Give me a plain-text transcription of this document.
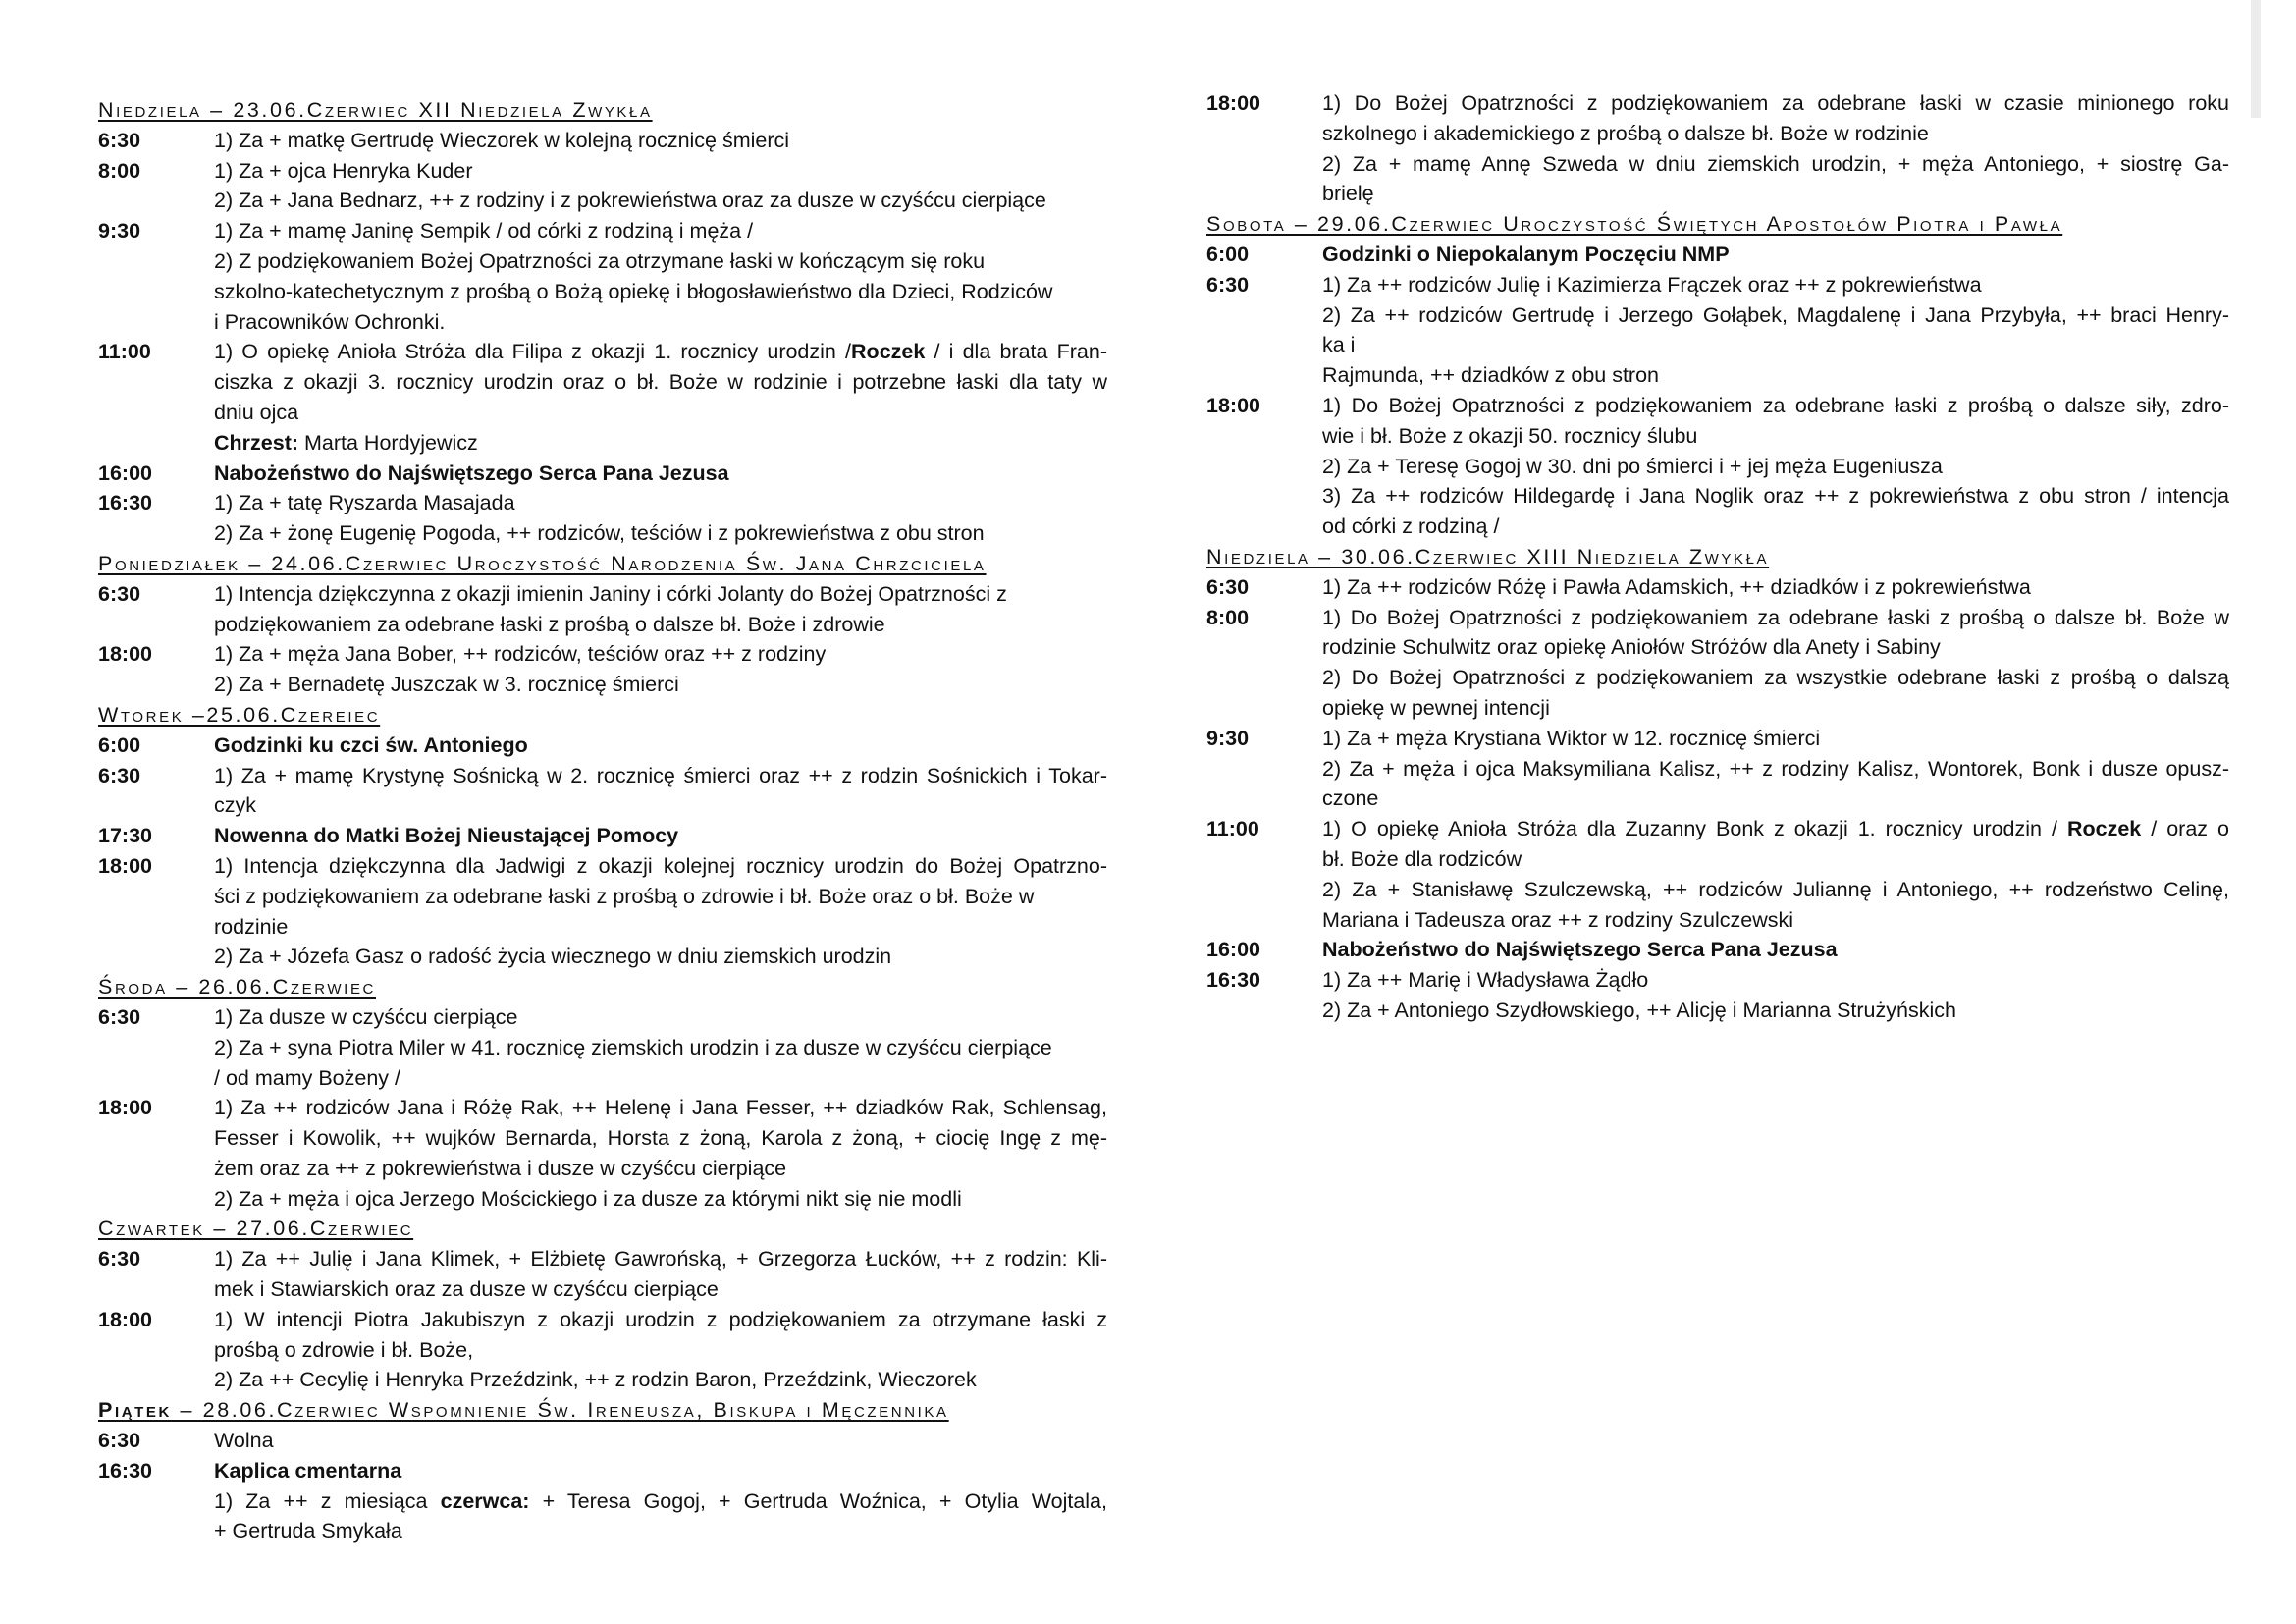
Niedziela – 23.06.Czerwiec XII Niedziela Zwykła
6:30	1) Za + matkę Gertrudę Wieczorek w kolejną rocznicę śmierci
8:00	1) Za + ojca Henryka Kuder
2) Za + Jana Bednarz, ++ z rodziny i z pokrewieństwa oraz za dusze w czyśćcu cierpiące
9:30	1) Za + mamę Janinę Sempik / od córki z rodziną i męża /
2) Z podziękowaniem Bożej Opatrzności za otrzymane łaski w kończącym się roku
szkolno-katechetycznym z prośbą o Bożą opiekę i błogosławieństwo dla Dzieci, Rodziców
i Pracowników Ochronki.
11:00	1) O opiekę Anioła Stróża dla Filipa z okazji 1. rocznicy urodzin /Roczek / i dla brata Fran-
ciszka z okazji 3. rocznicy urodzin oraz o bł. Boże w rodzinie i potrzebne łaski dla taty w
dniu ojca
Chrzest: Marta Hordyjewicz
16:00	Nabożeństwo do Najświętszego Serca Pana Jezusa
16:30	1) Za + tatę Ryszarda Masajada
2) Za + żonę Eugenię Pogoda, ++ rodziców, teściów i z pokrewieństwa z obu stron
Poniedziałek – 24.06.Czerwiec Uroczystość Narodzenia Św. Jana Chrzciciela
6:30	1) Intencja dziękczynna z okazji imienin Janiny i córki Jolanty do Bożej Opatrzności z
podziękowaniem za odebrane łaski z prośbą o dalsze bł. Boże i zdrowie
18:00	1) Za + męża Jana Bober, ++ rodziców, teściów oraz ++ z rodziny
2) Za + Bernadetę Juszczak w 3. rocznicę śmierci
Wtorek –25.06.Czereiec
6:00	Godzinki ku czci św. Antoniego
6:30	1) Za + mamę Krystynę Sośnicką w 2. rocznicę śmierci oraz ++ z rodzin Sośnickich i Tokar-
czyk
17:30	Nowenna do Matki Bożej Nieustającej Pomocy
18:00	1) Intencja dziękczynna dla Jadwigi z okazji kolejnej rocznicy urodzin do Bożej Opatrzno-
ści z podziękowaniem za odebrane łaski z prośbą o zdrowie i bł. Boże oraz o bł. Boże w
rodzinie
2) Za + Józefa Gasz o radość życia wiecznego w dniu ziemskich urodzin
Środa – 26.06.Czerwiec
6:30	1) Za dusze w czyśćcu cierpiące
2) Za + syna Piotra Miler w 41. rocznicę ziemskich urodzin i za dusze w czyśćcu cierpiące
/ od mamy Bożeny /
18:00	1) Za ++ rodziców Jana i Różę Rak, ++ Helenę i Jana Fesser, ++ dziadków Rak, Schlensag,
Fesser i Kowolik, ++ wujków Bernarda, Horsta z żoną, Karola z żoną, + ciocię Ingę z mę-
żem oraz za ++ z pokrewieństwa i dusze w czyśćcu cierpiące
2) Za + męża i ojca Jerzego Mościckiego i za dusze za którymi nikt się nie modli
Czwartek – 27.06.Czerwiec
6:30	1) Za ++ Julię i Jana Klimek, + Elżbietę Gawrońską, + Grzegorza Łucków, ++ z rodzin: Kli-
mek i Stawiarskich oraz za dusze w czyśćcu cierpiące
18:00	1) W intencji Piotra Jakubiszyn z okazji urodzin z podziękowaniem za otrzymane łaski z
prośbą o zdrowie i bł. Boże,
2) Za ++ Cecylię i Henryka Przeździnk, ++ z rodzin Baron, Przeździnk, Wieczorek
Piątek – 28.06.Czerwiec Wspomnienie Św. Ireneusza, Biskupa i Męczennika
6:30	Wolna
16:30	Kaplica cmentarna
1) Za ++ z miesiąca czerwca: + Teresa Gogoj, + Gertruda Woźnica, + Otylia Wojtala,
+ Gertruda Smykała
18:00	1) Do Bożej Opatrzności z podziękowaniem za odebrane łaski w czasie minionego roku
szkolnego i akademickiego z prośbą o dalsze bł. Boże w rodzinie
2) Za + mamę Annę Szweda w dniu ziemskich urodzin, + męża Antoniego, + siostrę Ga-
brielę
Sobota – 29.06.Czerwiec Uroczystość Świętych Apostołów Piotra i Pawła
6:00	Godzinki o Niepokalanym Poczęciu NMP
6:30	1) Za ++ rodziców Julię i Kazimierza Frączek oraz ++ z pokrewieństwa
2) Za ++ rodziców Gertrudę i Jerzego Gołąbek, Magdalenę i Jana Przybyła, ++ braci Henry-
ka i
Rajmunda, ++ dziadków z obu stron
18:00	1) Do Bożej Opatrzności z podziękowaniem za odebrane łaski z prośbą o dalsze siły, zdro-
wie i bł. Boże z okazji 50. rocznicy ślubu
2) Za + Teresę Gogoj w 30. dni po śmierci i + jej męża Eugeniusza
3) Za ++ rodziców Hildegardę i Jana Noglik oraz ++ z pokrewieństwa z obu stron / intencja
od córki z rodziną /
Niedziela – 30.06.Czerwiec XIII Niedziela Zwykła
6:30	1) Za ++ rodziców Różę i Pawła Adamskich, ++ dziadków i z pokrewieństwa
8:00	1) Do Bożej Opatrzności z podziękowaniem za odebrane łaski z prośbą o dalsze bł. Boże w
rodzinie Schulwitz oraz opiekę Aniołów Stróżów dla Anety i Sabiny
2) Do Bożej Opatrzności z podziękowaniem za wszystkie odebrane łaski z prośbą o dalszą
opiekę w pewnej intencji
9:30	1) Za + męża Krystiana Wiktor w 12. rocznicę śmierci
2) Za + męża i ojca Maksymiliana Kalisz, ++ z rodziny Kalisz, Wontorek, Bonk i dusze opusz-
czone
11:00	1) O opiekę Anioła Stróża dla Zuzanny Bonk z okazji 1. rocznicy urodzin / Roczek / oraz o
bł. Boże dla rodziców
2) Za + Stanisławę Szulczewską, ++ rodziców Juliannę i Antoniego, ++ rodzeństwo Celinę,
Mariana i Tadeusza oraz ++ z rodziny Szulczewski
16:00	Nabożeństwo do Najświętszego Serca Pana Jezusa
16:30	1) Za ++ Marię i Władysława Żądło
2) Za + Antoniego Szydłowskiego, ++ Alicję i Marianna Strużyńskich
